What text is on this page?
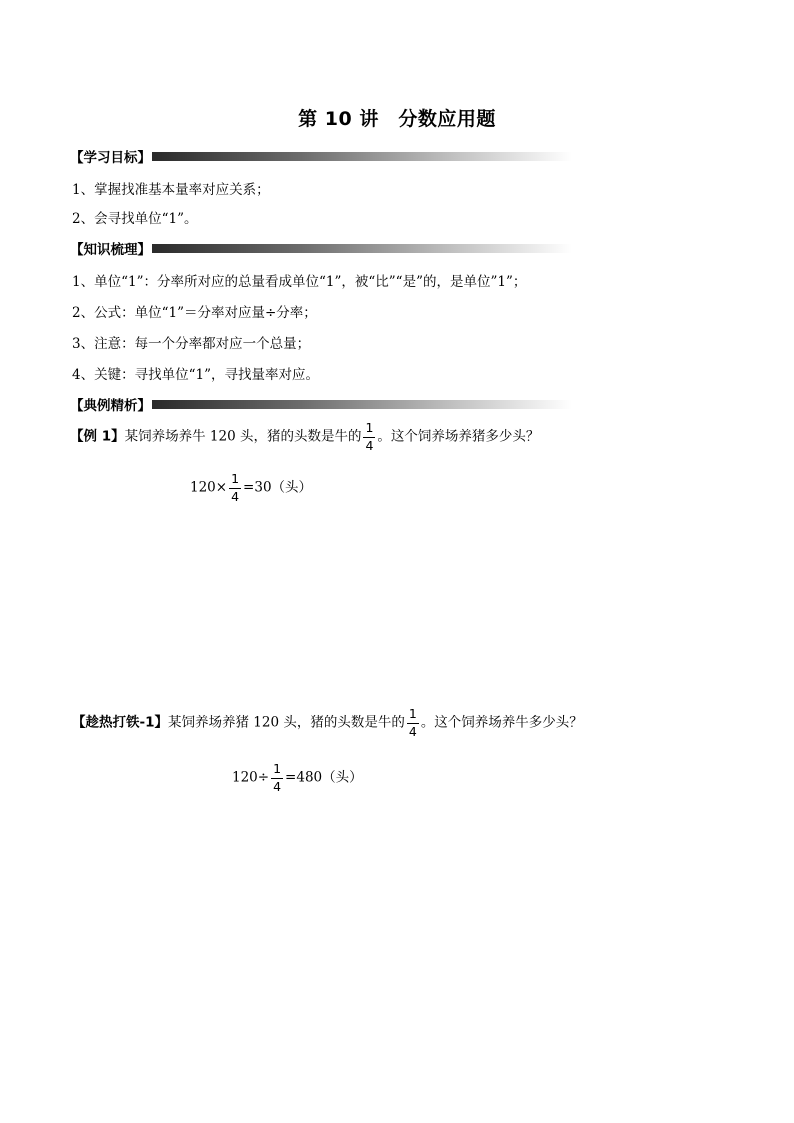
第 10 讲　分数应用题
【学习目标】
1、掌握找准基本量率对应关系；
2、会寻找单位“1”。
【知识梳理】
1、单位“1”：分率所对应的总量看成单位“1”，被“比”“是”的，是单位”1”；
2、公式：单位“1”＝分率对应量÷分率；
3、注意：每一个分率都对应一个总量；
4、关键：寻找单位“1”，寻找量率对应。
【典例精析】
【例 1】某饲养场养牛 120 头，猪的头数是牛的 $\frac{1}{4}$ 。这个饲养场养猪多少头？
$120\times \frac{1}{4} =30$（头）
【趁热打铁-1】某饲养场养猪 120 头，猪的头数是牛的 $\frac{1}{4}$ 。这个饲养场养牛多少头？
$120\div \frac{1}{4} =480$（头）
